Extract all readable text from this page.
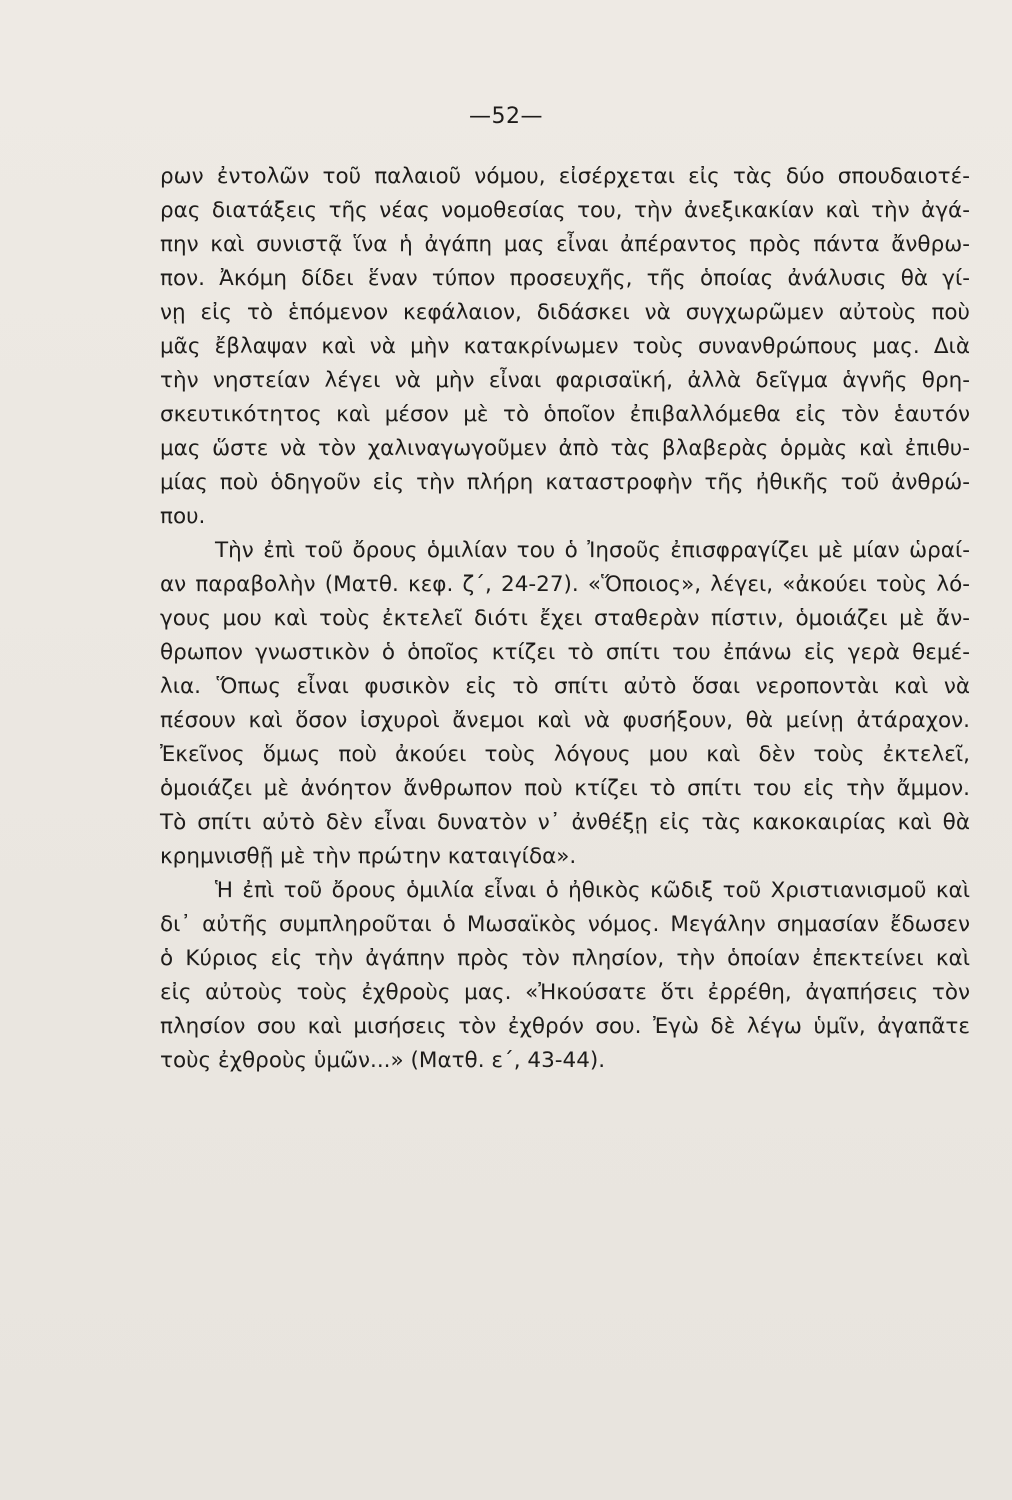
—52—
ρων ἐντολῶν τοῦ παλαιοῦ νόμου, εἰσέρχεται εἰς τὰς δύο σπουδαιοτέ-
ρας διατάξεις τῆς νέας νομοθεσίας του, τὴν ἀνεξικακίαν καὶ τὴν ἀγά-
πην καὶ συνιστᾷ ἵνα ἡ ἀγάπη μας εἶναι ἀπέραντος πρὸς πάντα ἄνθρω-
πον. Ἀκόμη δίδει ἕναν τύπον προσευχῆς, τῆς ὁποίας ἀνάλυσις θὰ γί-
νῃ εἰς τὸ ἑπόμενον κεφάλαιον, διδάσκει νὰ συγχωρῶμεν αὐτοὺς ποὺ
μᾶς ἔβλαψαν καὶ νὰ μὴν κατακρίνωμεν τοὺς συνανθρώπους μας. Διὰ
τὴν νηστείαν λέγει νὰ μὴν εἶναι φαρισαϊκή, ἀλλὰ δεῖγμα ἁγνῆς θρη-
σκευτικότητος καὶ μέσον μὲ τὸ ὁποῖον ἐπιβαλλόμεθα εἰς τὸν ἑαυτόν
μας ὥστε νὰ τὸν χαλιναγωγοῦμεν ἀπὸ τὰς βλαβερὰς ὁρμὰς καὶ ἐπιθυ-
μίας ποὺ ὁδηγοῦν εἰς τὴν πλήρη καταστροφὴν τῆς ἠθικῆς τοῦ ἀνθρώ-
που.
Τὴν ἐπὶ τοῦ ὄρους ὁμιλίαν του ὁ Ἰησοῦς ἐπισφραγίζει μὲ μίαν ὡραί-
αν παραβολὴν (Ματθ. κεφ. ζ΄, 24-27). «Ὅποιος», λέγει, «ἀκούει τοὺς λό-
γους μου καὶ τοὺς ἐκτελεῖ διότι ἔχει σταθερὰν πίστιν, ὁμοιάζει μὲ ἄν-
θρωπον γνωστικὸν ὁ ὁποῖος κτίζει τὸ σπίτι του ἐπάνω εἰς γερὰ θεμέ-
λια. Ὅπως εἶναι φυσικὸν εἰς τὸ σπίτι αὐτὸ ὅσαι νεροποντὰι καὶ νὰ
πέσουν καὶ ὅσον ἰσχυροὶ ἄνεμοι καὶ νὰ φυσήξουν, θὰ μείνῃ ἀτάραχον.
Ἐκεῖνος ὅμως ποὺ ἀκούει τοὺς λόγους μου καὶ δὲν τοὺς ἐκτελεῖ,
ὁμοιάζει μὲ ἀνόητον ἄνθρωπον ποὺ κτίζει τὸ σπίτι του εἰς τὴν ἄμμον.
Τὸ σπίτι αὐτὸ δὲν εἶναι δυνατὸν ν᾽ ἀνθέξῃ εἰς τὰς κακοκαιρίας καὶ θὰ
κρημνισθῇ μὲ τὴν πρώτην καταιγίδα».
Ἡ ἐπὶ τοῦ ὄρους ὁμιλία εἶναι ὁ ἠθικὸς κῶδιξ τοῦ Χριστιανισμοῦ καὶ
δι᾽ αὐτῆς συμπληροῦται ὁ Μωσαϊκὸς νόμος. Μεγάλην σημασίαν ἔδωσεν
ὁ Κύριος εἰς τὴν ἀγάπην πρὸς τὸν πλησίον, τὴν ὁποίαν ἐπεκτείνει καὶ
εἰς αὐτοὺς τοὺς ἐχθροὺς μας. «Ἠκούσατε ὅτι ἐρρέθη, ἀγαπήσεις τὸν
πλησίον σου καὶ μισήσεις τὸν ἐχθρόν σου. Ἐγὼ δὲ λέγω ὑμῖν, ἀγαπᾶτε
τοὺς ἐχθροὺς ὑμῶν...» (Ματθ. ε΄, 43-44).
